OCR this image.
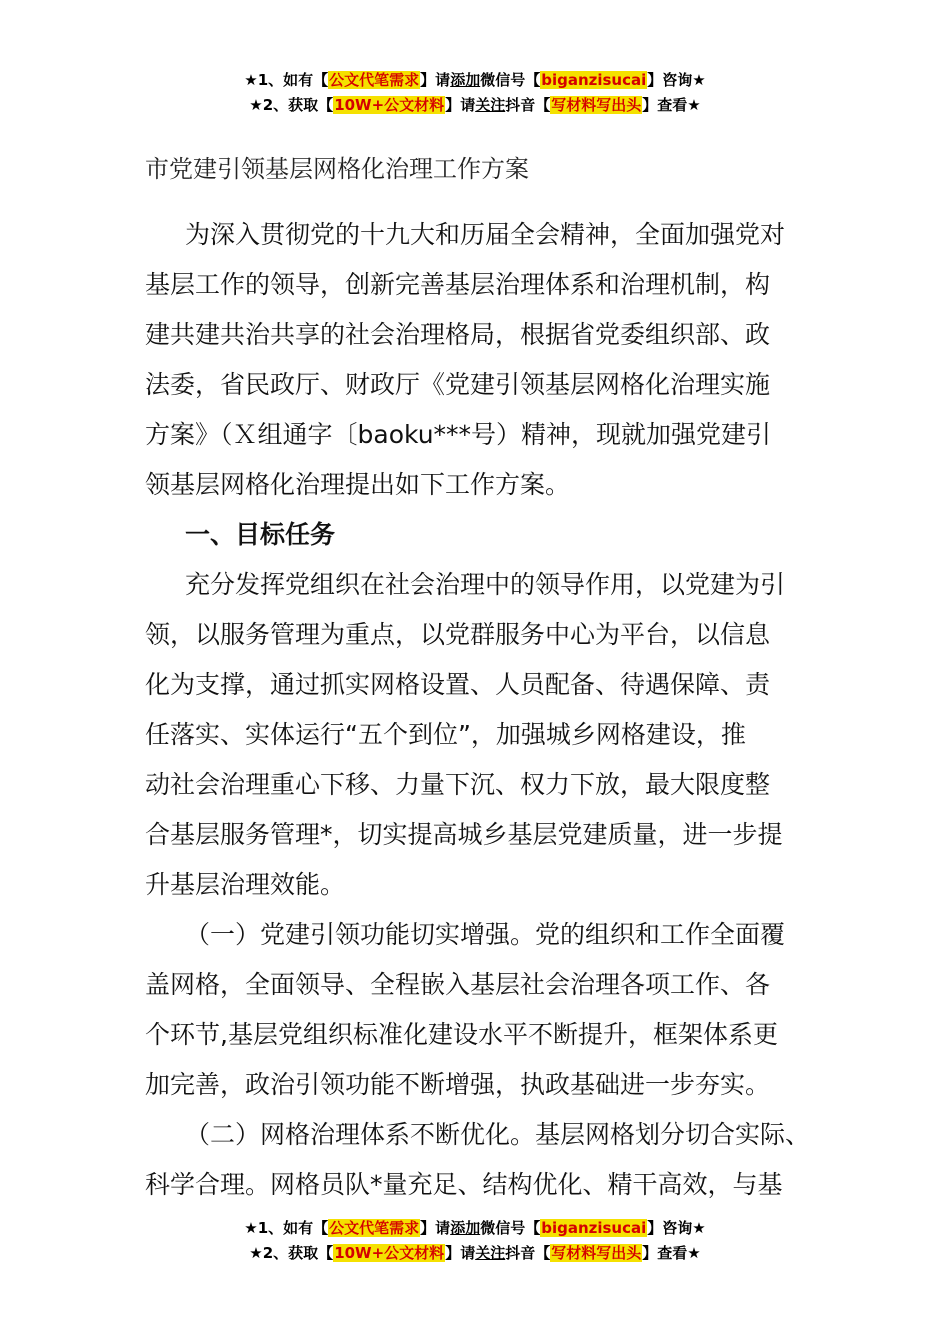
★1、如有【公文代笔需求】请添加微信号【biganzisucai】咨询★
★2、获取【10W+公文材料】请关注抖音【写材料写出头】查看★
市党建引领基层网格化治理工作方案
为深入贯彻党的十九大和历届全会精神，全面加强党对
基层工作的领导，创新完善基层治理体系和治理机制，构
建共建共治共享的社会治理格局，根据省党委组织部、政
法委，省民政厅、财政厅《党建引领基层网格化治理实施
方案》（Ｘ组通字〔baoku***号）精神，现就加强党建引
领基层网格化治理提出如下工作方案。
一、目标任务
充分发挥党组织在社会治理中的领导作用，以党建为引
领，以服务管理为重点，以党群服务中心为平台，以信息
化为支撑，通过抓实网格设置、人员配备、待遇保障、责
任落实、实体运行“五个到位”，加强城乡网格建设，推
动社会治理重心下移、力量下沉、权力下放，最大限度整
合基层服务管理*，切实提高城乡基层党建质量，进一步提
升基层治理效能。
（一）党建引领功能切实增强。党的组织和工作全面覆
盖网格，全面领导、全程嵌入基层社会治理各项工作、各
个环节,基层党组织标准化建设水平不断提升，框架体系更
加完善，政治引领功能不断增强，执政基础进一步夯实。
（二）网格治理体系不断优化。基层网格划分切合实际、
科学合理。网格员队*量充足、结构优化、精干高效，与基
★1、如有【公文代笔需求】请添加微信号【biganzisucai】咨询★
★2、获取【10W+公文材料】请关注抖音【写材料写出头】查看★
